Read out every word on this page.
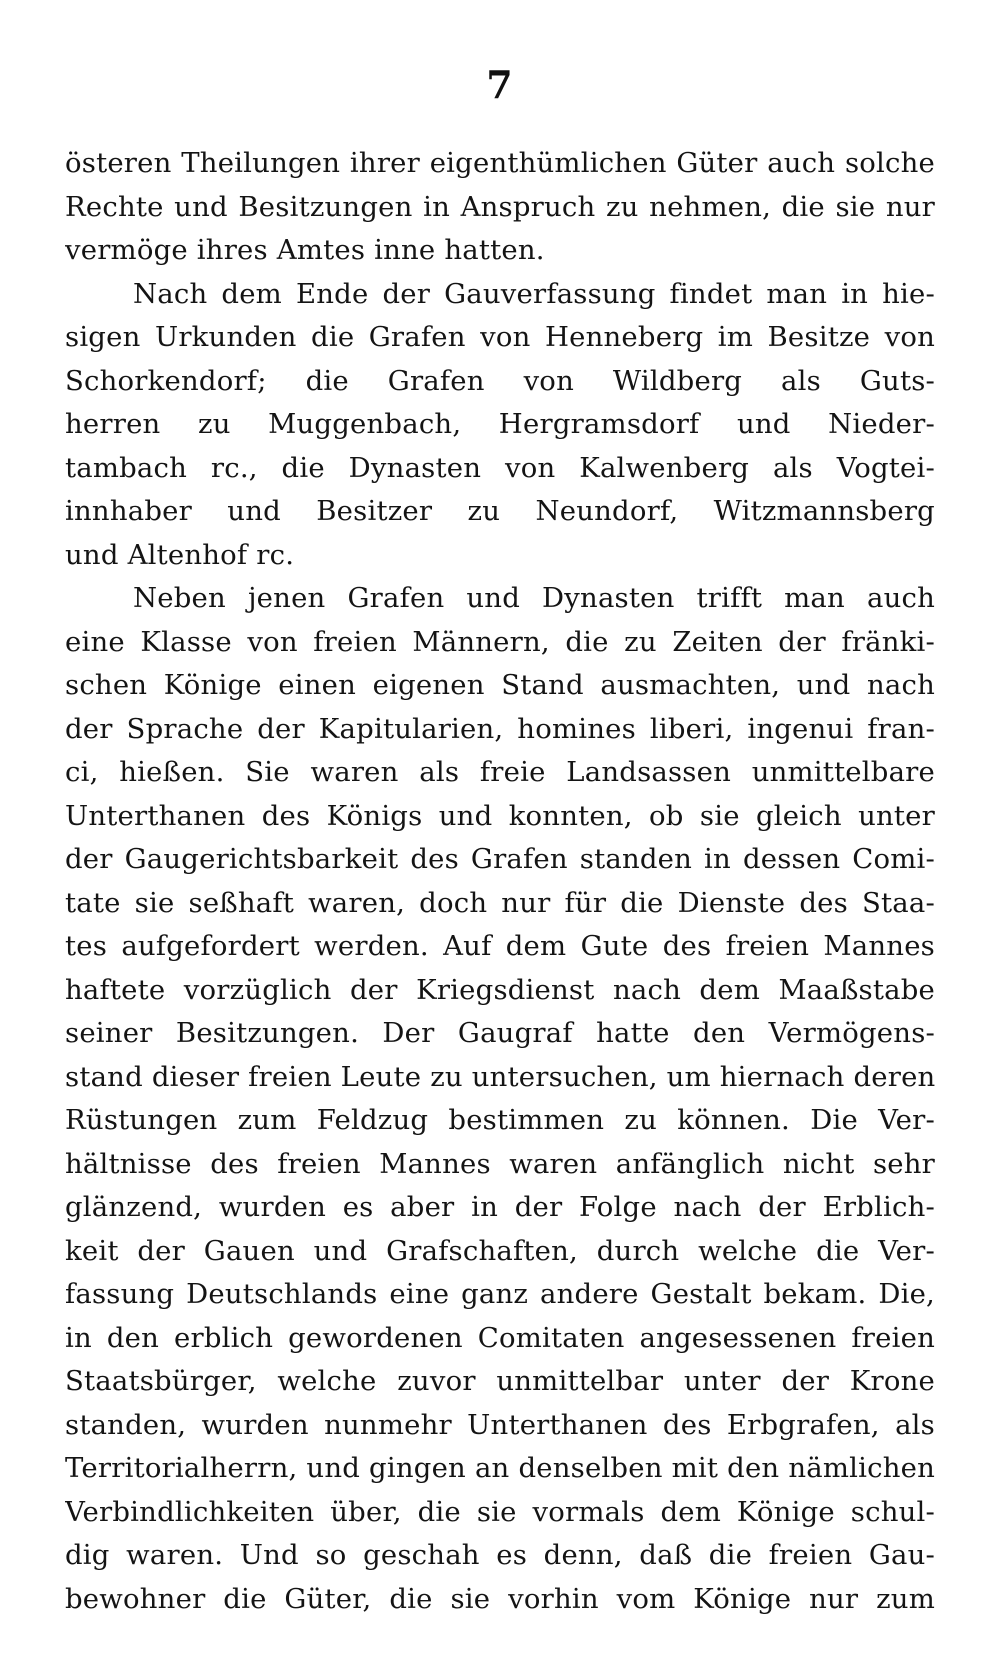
7
österen Theilungen ihrer eigenthümlichen Güter auch solche
Rechte und Besitzungen in Anspruch zu nehmen, die sie nur
vermöge ihres Amtes inne hatten.
Nach dem Ende der Gauverfassung findet man in hie-
sigen Urkunden die Grafen von Henneberg im Besitze von
Schorkendorf; die Grafen von Wildberg als Guts-
herren zu Muggenbach, Hergramsdorf und Nieder-
tambach rc., die Dynasten von Kalwenberg als Vogtei-
innhaber und Besitzer zu Neundorf, Witzmannsberg
und Altenhof rc.
Neben jenen Grafen und Dynasten trifft man auch
eine Klasse von freien Männern, die zu Zeiten der fränki-
schen Könige einen eigenen Stand ausmachten, und nach
der Sprache der Kapitularien, homines liberi, ingenui fran-
ci, hießen. Sie waren als freie Landsassen unmittelbare
Unterthanen des Königs und konnten, ob sie gleich unter
der Gaugerichtsbarkeit des Grafen standen in dessen Comi-
tate sie seßhaft waren, doch nur für die Dienste des Staa-
tes aufgefordert werden. Auf dem Gute des freien Mannes
haftete vorzüglich der Kriegsdienst nach dem Maaßstabe
seiner Besitzungen. Der Gaugraf hatte den Vermögens-
stand dieser freien Leute zu untersuchen, um hiernach deren
Rüstungen zum Feldzug bestimmen zu können. Die Ver-
hältnisse des freien Mannes waren anfänglich nicht sehr
glänzend, wurden es aber in der Folge nach der Erblich-
keit der Gauen und Grafschaften, durch welche die Ver-
fassung Deutschlands eine ganz andere Gestalt bekam. Die,
in den erblich gewordenen Comitaten angesessenen freien
Staatsbürger, welche zuvor unmittelbar unter der Krone
standen, wurden nunmehr Unterthanen des Erbgrafen, als
Territorialherrn, und gingen an denselben mit den nämlichen
Verbindlichkeiten über, die sie vormals dem Könige schul-
dig waren. Und so geschah es denn, daß die freien Gau-
bewohner die Güter, die sie vorhin vom Könige nur zum
